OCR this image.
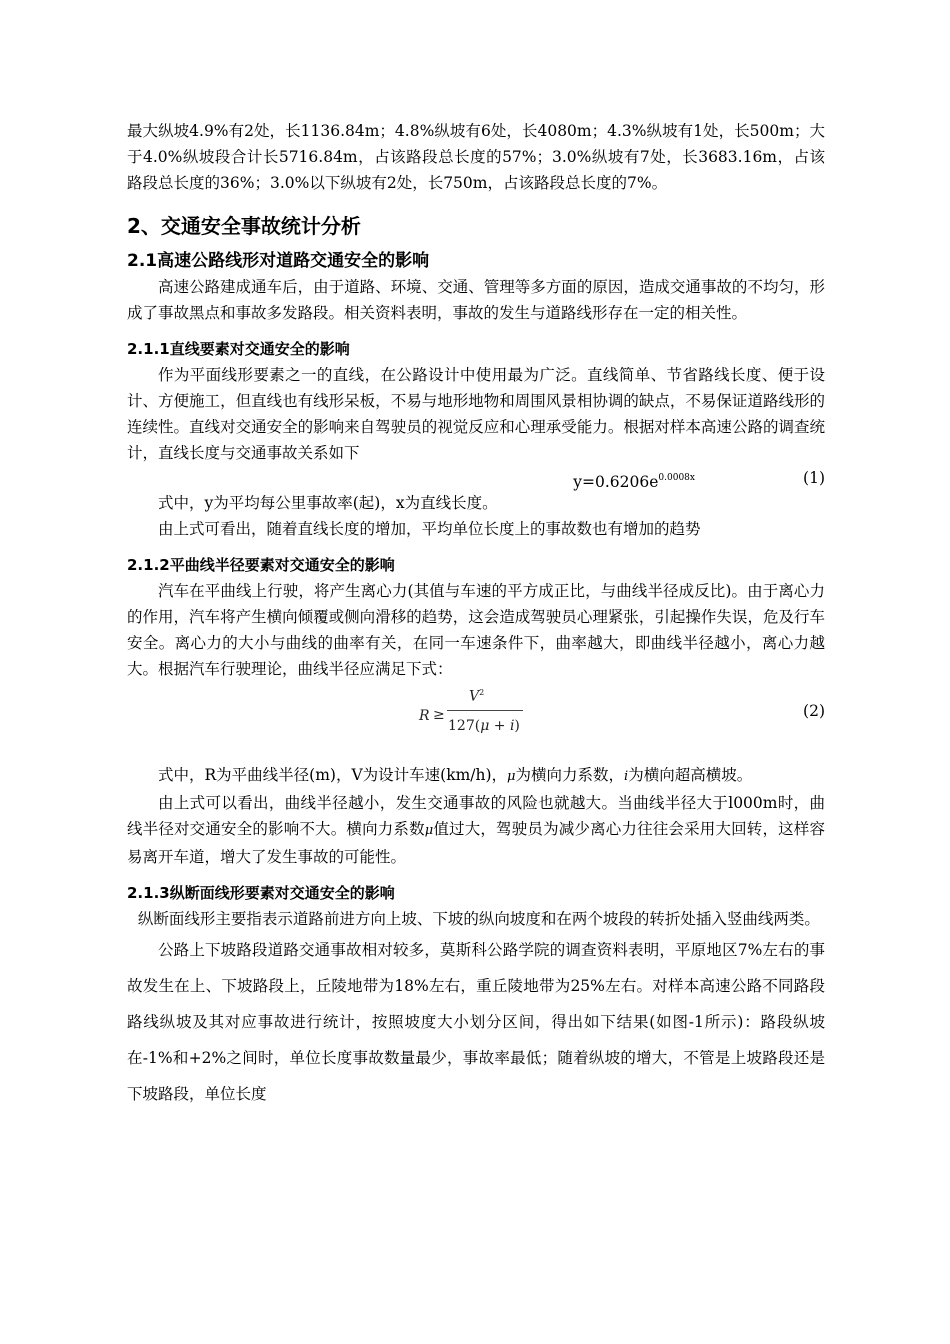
最大纵坡4.9%有2处，长1136.84m；4.8%纵坡有6处，长4080m；4.3%纵坡有1处，长500m；大于4.0%纵坡段合计长5716.84m，占该路段总长度的57%；3.0%纵坡有7处，长3683.16m，占该路段总长度的36%；3.0%以下纵坡有2处，长750m，占该路段总长度的7%。

2、交通安全事故统计分析
2.1高速公路线形对道路交通安全的影响

高速公路建成通车后，由于道路、环境、交通、管理等多方面的原因，造成交通事故的不均匀，形成了事故黑点和事故多发路段。相关资料表明，事故的发生与道路线形存在一定的相关性。

2.1.1直线要素对交通安全的影响

作为平面线形要素之一的直线，在公路设计中使用最为广泛。直线简单、节省路线长度、便于设计、方便施工，但直线也有线形呆板，不易与地形地物和周围风景相协调的缺点，不易保证道路线形的连续性。直线对交通安全的影响来自驾驶员的视觉反应和心理承受能力。根据对样本高速公路的调查统计，直线长度与交通事故关系如下

$y=0.6206e^{0.0008x}$	(1)

式中，y为平均每公里事故率(起)，x为直线长度。

由上式可看出，随着直线长度的增加，平均单位长度上的事故数也有增加的趋势

2.1.2平曲线半径要素对交通安全的影响

汽车在平曲线上行驶，将产生离心力(其值与车速的平方成正比，与曲线半径成反比)。由于离心力的作用，汽车将产生横向倾覆或侧向滑移的趋势，这会造成驾驶员心理紧张，引起操作失误，危及行车安全。离心力的大小与曲线的曲率有关，在同一车速条件下，曲率越大，即曲线半径越小，离心力越大。根据汽车行驶理论，曲线半径应满足下式：

R ≥
$V^2$
127(μ + i)
(2)

式中，R为平曲线半径(m)，V为设计车速(km/h)，μ为横向力系数，i为横向超高横坡。

由上式可以看出，曲线半径越小，发生交通事故的风险也就越大。当曲线半径大于l000m时，曲线半径对交通安全的影响不大。横向力系数μ值过大，驾驶员为减少离心力往往会采用大回转，这样容易离开车道，增大了发生事故的可能性。

2.1.3纵断面线形要素对交通安全的影响

纵断面线形主要指表示道路前进方向上坡、下坡的纵向坡度和在两个坡段的转折处插入竖曲线两类。

公路上下坡路段道路交通事故相对较多，莫斯科公路学院的调查资料表明，平原地区7%左右的事故发生在上、下坡路段上，丘陵地带为18%左右，重丘陵地带为25%左右。对样本高速公路不同路段路线纵坡及其对应事故进行统计，按照坡度大小划分区间，得出如下结果(如图-1所示)：路段纵坡在-1%和+2%之间时，单位长度事故数量最少，事故率最低；随着纵坡的增大，不管是上坡路段还是下坡路段，单位长度
